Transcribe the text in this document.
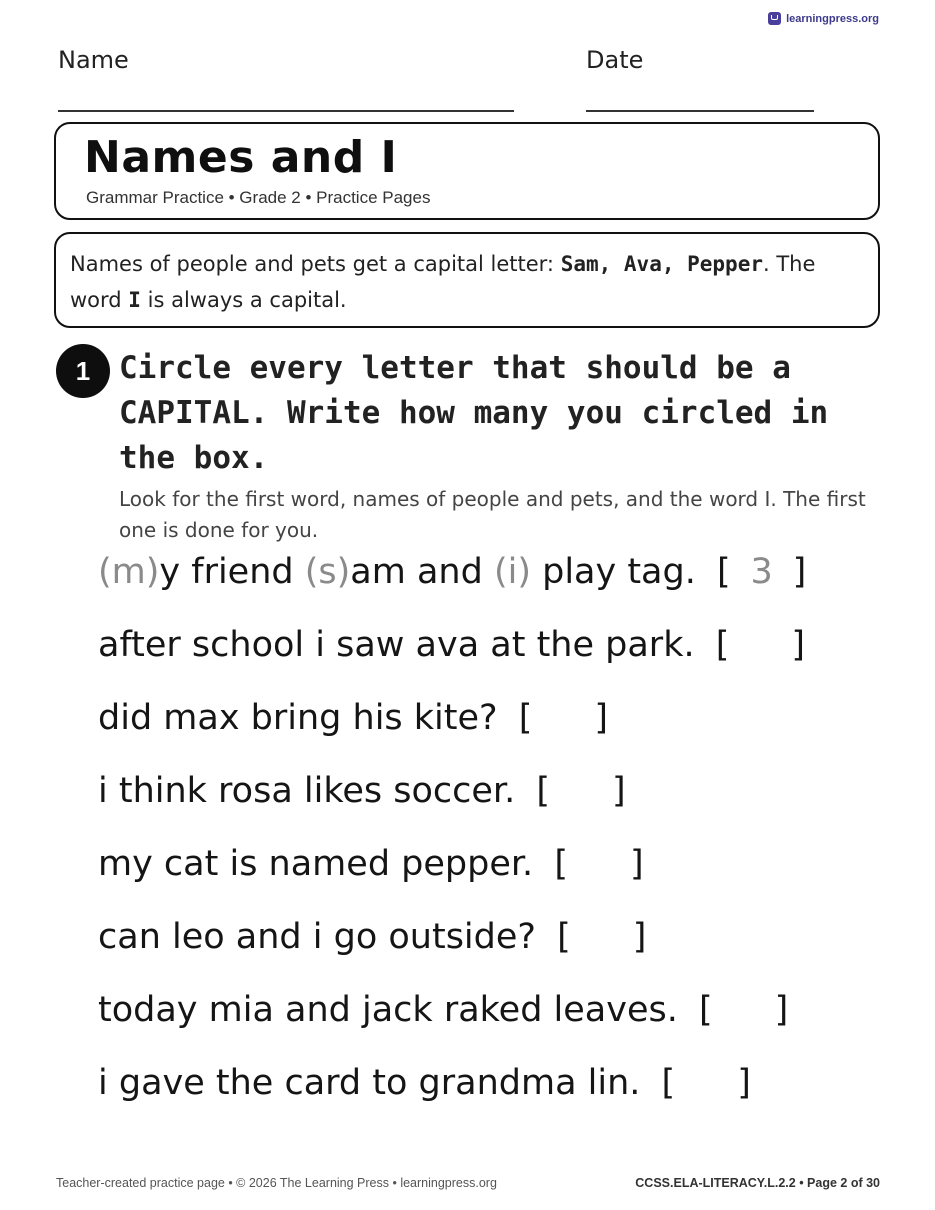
learningpress.org
Name	Date
Names and I
Grammar Practice • Grade 2 • Practice Pages
Names of people and pets get a capital letter: Sam, Ava, Pepper. The word I is always a capital.
1 Circle every letter that should be a CAPITAL. Write how many you circled in the box.
Look for the first word, names of people and pets, and the word I. The first one is done for you.
(m)y friend (s)am and (i) play tag. [ 3 ]
after school i saw ava at the park. [ ]
did max bring his kite? [ ]
i think rosa likes soccer. [ ]
my cat is named pepper. [ ]
can leo and i go outside? [ ]
today mia and jack raked leaves. [ ]
i gave the card to grandma lin. [ ]
Teacher-created practice page • © 2026 The Learning Press • learningpress.org	CCSS.ELA-LITERACY.L.2.2 • Page 2 of 30
